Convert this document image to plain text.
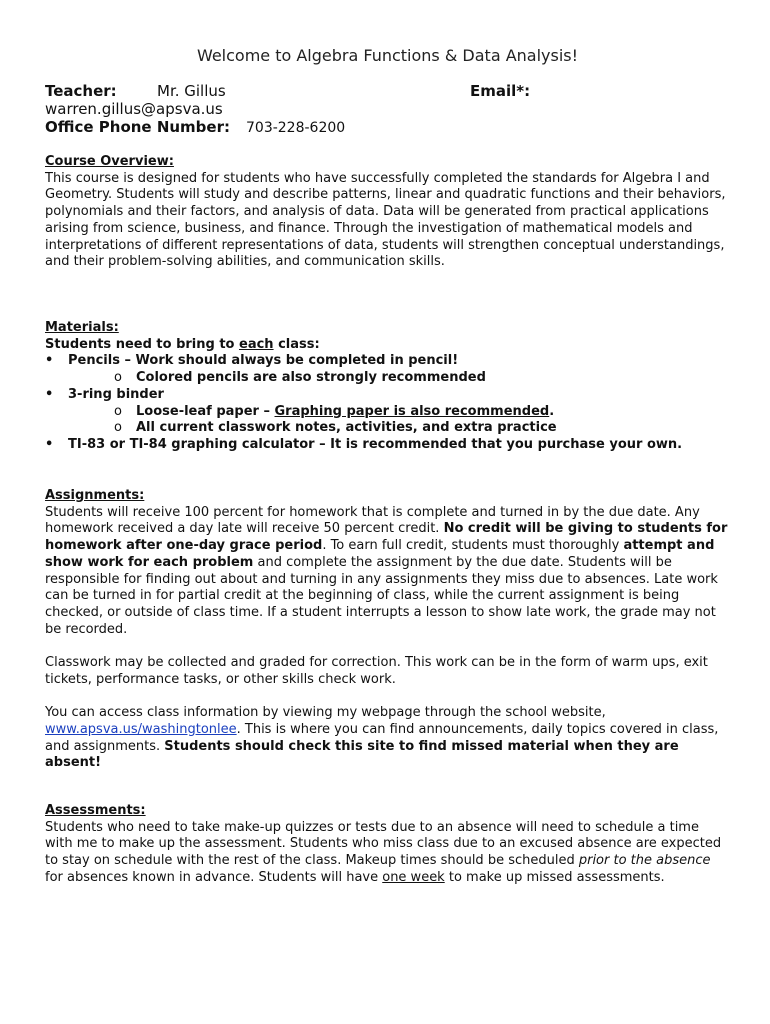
Welcome to Algebra Functions & Data Analysis!
Teacher:	Mr. Gillus	Email*:
warren.gillus@apsva.us
Office Phone Number: 703-228-6200
Course Overview:

This course is designed for students who have successfully completed the standards for Algebra I and Geometry. Students will study and describe patterns, linear and quadratic functions and their behaviors, polynomials and their factors, and analysis of data. Data will be generated from practical applications arising from science, business, and finance. Through the investigation of mathematical models and interpretations of different representations of data, students will strengthen conceptual understandings, and their problem-solving abilities, and communication skills.

Materials:
Students need to bring to each class:
•	Pencils – Work should always be completed in pencil!
o	Colored pencils are also strongly recommended
•	3-ring binder
o	Loose-leaf paper – Graphing paper is also recommended.
o	All current classwork notes, activities, and extra practice
•	TI-83 or TI-84 graphing calculator – It is recommended that you purchase your own.
Assignments:

Students will receive 100 percent for homework that is complete and turned in by the due date. Any homework received a day late will receive 50 percent credit. No credit will be giving to students for homework after one-day grace period. To earn full credit, students must thoroughly attempt and show work for each problem and complete the assignment by the due date. Students will be responsible for finding out about and turning in any assignments they miss due to absences. Late work can be turned in for partial credit at the beginning of class, while the current assignment is being checked, or outside of class time. If a student interrupts a lesson to show late work, the grade may not be recorded.

Classwork may be collected and graded for correction. This work can be in the form of warm ups, exit tickets, performance tasks, or other skills check work.

You can access class information by viewing my webpage through the school website, www.apsva.us/washingtonlee. This is where you can find announcements, daily topics covered in class, and assignments. Students should check this site to find missed material when they are absent!

Assessments:

Students who need to take make-up quizzes or tests due to an absence will need to schedule a time with me to make up the assessment. Students who miss class due to an excused absence are expected to stay on schedule with the rest of the class. Makeup times should be scheduled prior to the absence for absences known in advance. Students will have one week to make up missed assessments.
